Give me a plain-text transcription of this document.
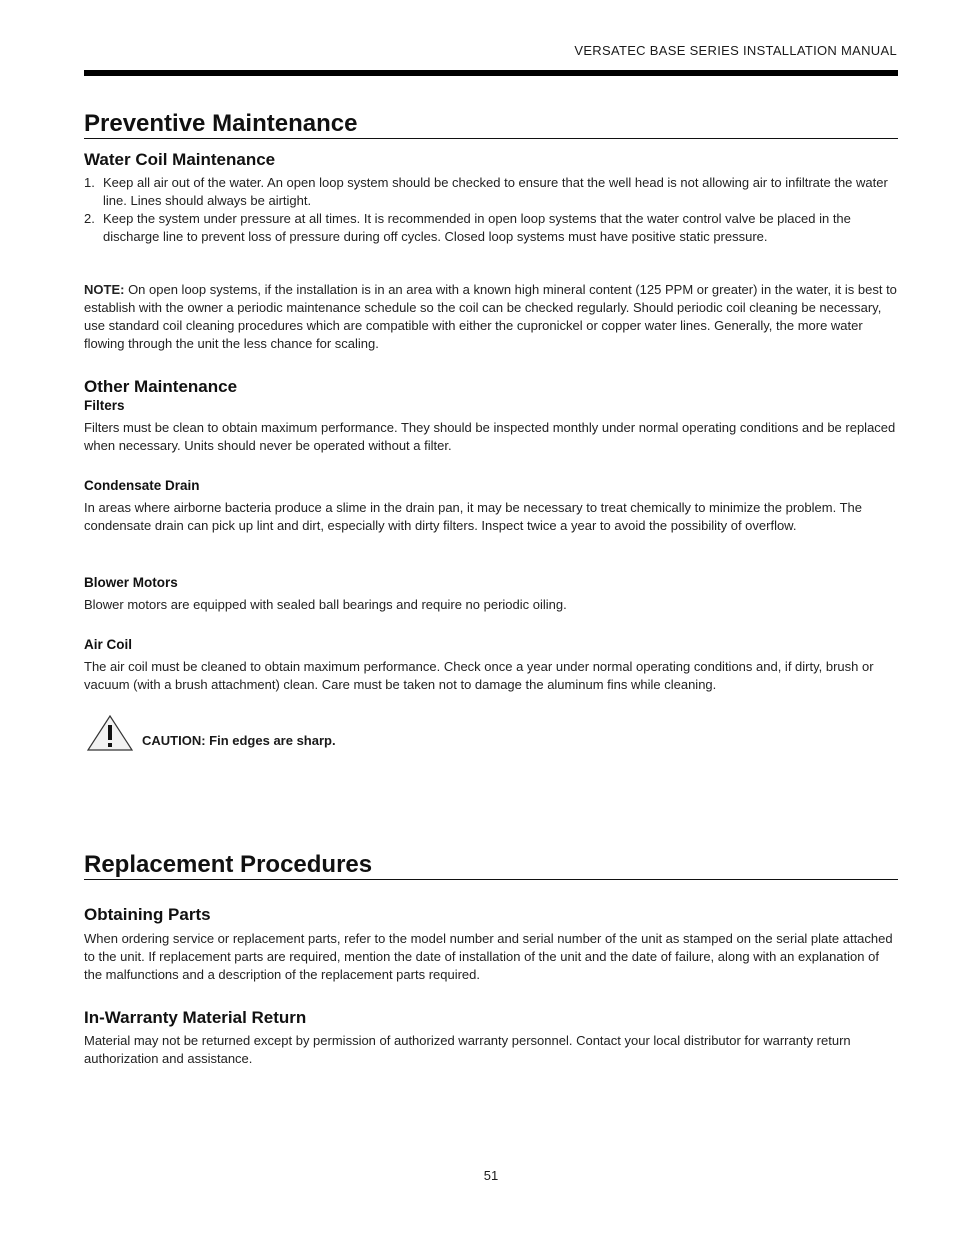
VERSATEC BASE SERIES INSTALLATION MANUAL
Preventive Maintenance
Water Coil Maintenance
1. Keep all air out of the water. An open loop system should be checked to ensure that the well head is not allowing air to infiltrate the water line. Lines should always be airtight.
2. Keep the system under pressure at all times. It is recommended in open loop systems that the water control valve be placed in the discharge line to prevent loss of pressure during off cycles. Closed loop systems must have positive static pressure.

NOTE: On open loop systems, if the installation is in an area with a known high mineral content (125 PPM or greater) in the water, it is best to establish with the owner a periodic maintenance schedule so the coil can be checked regularly. Should periodic coil cleaning be necessary, use standard coil cleaning procedures which are compatible with either the cupronickel or copper water lines. Generally, the more water flowing through the unit the less chance for scaling.

Other Maintenance
Filters

Filters must be clean to obtain maximum performance. They should be inspected monthly under normal operating conditions and be replaced when necessary. Units should never be operated without a filter.

Condensate Drain

In areas where airborne bacteria produce a slime in the drain pan, it may be necessary to treat chemically to minimize the problem. The condensate drain can pick up lint and dirt, especially with dirty filters. Inspect twice a year to avoid the possibility of overflow.

Blower Motors

Blower motors are equipped with sealed ball bearings and require no periodic oiling.

Air Coil

The air coil must be cleaned to obtain maximum performance. Check once a year under normal operating conditions and, if dirty, brush or vacuum (with a brush attachment) clean. Care must be taken not to damage the aluminum fins while cleaning.

CAUTION: Fin edges are sharp.
Replacement Procedures
Obtaining Parts

When ordering service or replacement parts, refer to the model number and serial number of the unit as stamped on the serial plate attached to the unit. If replacement parts are required, mention the date of installation of the unit and the date of failure, along with an explanation of the malfunctions and a description of the replacement parts required.

In-Warranty Material Return

Material may not be returned except by permission of authorized warranty personnel. Contact your local distributor for warranty return authorization and assistance.

51
